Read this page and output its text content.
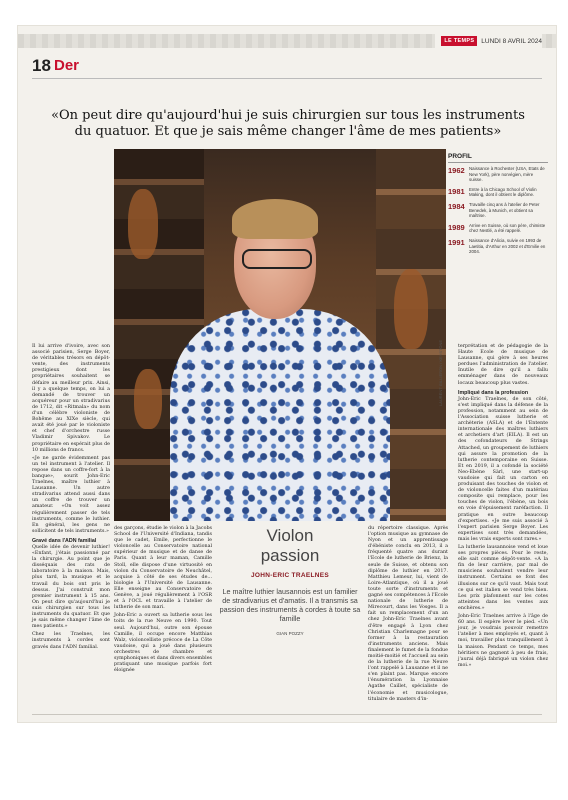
LE TEMPS	LUNDI 8 AVRIL 2024
18 Der
«On peut dire qu'aujourd'hui je suis chirurgien sur tous les instruments du quatuor. Et que je sais même changer l'âme de mes patients»
LAURENT GILLIERON / KEYSTONE
PROFIL
1962 Naissance à Rochester (USA, Etats de New York), père norvégien, mère suisse.
1981 Entre à la Chicago School of Violin Making, dont il obtient le diplôme.
1984 Travaille cinq ans à l'atelier de Peter Benedek, à Munich, et obtient sa maîtrise.
1989 Arrive en Suisse, où son père, chimiste chez Nestlé, a été rappelé.
1991 Naissance d'Alicia, suivie en 1993 de Laetitia, d'Arthur en 2002 et d'Emilie en 2004.

Il lui arrive d'ivoire, avec son associé parisien, Serge Boyer, de véritables trésors en dépôt-vente, des instruments prestigieux dont les propriétaires souhaitent se défaire au meilleur prix. Ainsi, il y a quelque temps, on lui a demandé de trouver un acquéreur pour un stradivarius de 1712, dit «Ritmala» du nom d'un célèbre violoniste de Bohême au XIXe siècle, qui avait été joué par le violoniste et chef d'orchestre russe Vladimir Spivakov. Le propriétaire en espérait plus de 10 millions de francs.

«Je ne garde évidemment pas un tel instrument à l'atelier. Il repose dans un coffre-fort à la banque», sourit John-Eric Traelnes, maître luthier à Lausanne. Un autre stradivarius attend aussi dans un coffre de trouver un amateur. «On voit assez régulièrement passer de tels instruments, comme le luthier. En général, les gens ne sollicitent de tels instruments.»

Gravé dans l'ADN familial

Quelle idée de devenir luthier! «Enfant, j'étais passionné par la chirurgie. Au point que je disséquais des rats de laboratoire à la maison. Mais, plus tard, la musique et le travail du bois ont pris le dessus. J'ai construit mon premier instrument à 15 ans. On peut dire qu'aujourd'hui je suis chirurgien sur tous les instruments du quatuor. Et que je sais même changer l'âme de mes patients.»

Chez les Traelnes, les instruments à cordes sont gravés dans l'ADN familial.

des garçons, étudie le violon à la Jacobs School de l'Université d'Indiana, tandis que le cadet, Emile, perfectionne le violoncelle au Conservatoire national supérieur de musique et de danse de Paris. Quant à leur maman, Camille Stoll, elle dispose d'une virtuosité en violon du Conservatoire de Neuchâtel, acquise à côté de ses études de... biologie à l'Université de Lausanne. Elle enseigne au Conservatoire de Genève, a joué régulièrement à l'OSR et à l'OCL et travaille à l'atelier de lutherie de son mari.

John-Eric a ouvert sa lutherie sous les toits de la rue Neuve en 1990. Tout seul. Aujourd'hui, outre son épouse Camille, il occupe encore Matthias Walz, violoncelliste précoce de La Côte vaudoise, qui a joué dans plusieurs orchestres de chambre et symphoniques et dans divers ensembles pratiquant une musique parfois fort éloignée

Violon
passion
JOHN-ERIC TRAELNES
Le maître luthier lausannois est un familier de stradivarius et d'amatis. Il a transmis sa passion des instruments à cordes à toute sa famille
GIAN POZZY

du répertoire classique. Après l'option musique au gymnase de Nyon et un apprentissage d'ébéniste conclu en 2013, il a fréquenté quatre ans durant l'Ecole de lutherie de Brienz, la seule de Suisse, et obtenu son diplôme de luthier en 2017. Matthieu Lemeur, lui, vient de Loire-Atlantique, où il a joué toute sorte d'instruments et gagné ses compétences à l'Ecole nationale de lutherie de Mirecourt, dans les Vosges. Il a fait un remplacement d'un an chez John-Eric Traelnes avant d'être engagé à Lyon chez Christian Charlemagne pour se former à la restauration d'instruments anciens. Mais finalement le fumet de la fondue moitié-moitié et l'accueil au sein de la lutherie de la rue Neuve l'ont rappelé à Lausanne et il ne s'en plaint pas. Marque encore l'énumération la Lyonnaise Agathe Caillet, spécialiste de l'économie et musicologue, titulaire de masters d'in-

terprétation et de pédagogie de la Haute Ecole de musique de Lausanne, qui gère à ses heures perdues l'administration de l'atelier. Inutile de dire qu'il a fallu emménager dans de nouveaux locaux beaucoup plus vastes.

Impliqué dans la profession

John-Eric Traelnes, de son côté, s'est impliqué dans la défense de la profession, notamment au sein de l'Association suisse lutherie et archèterie (ASLA) et de l'Entente internationale des maîtres luthiers et archetiers d'art (EILA). Il est un des cofondateurs de Strings Attached, un groupement de luthiers qui assure la promotion de la lutherie contemporaine en Suisse. Et en 2019, il a cofondé la société Neo-Ebène Sàrl, une start-up vaudoise qui fait un carton en produisant des touches de violon et de violoncelle faites d'un matériau composite qui remplace, pour les touches de violon, l'ébène, un bois en voie d'épuisement raréfaction. Il pratique en outre beaucoup d'expertises. «Je me suis associé à l'expert parisien Serge Boyer. Les expertises sont très demandées, mais les vrais experts sont rares.»

La lutherie lausannoise vend et loue ses propres pièces. Pour le reste, elle sait comme dépôt-vente. «A la fin de leur carrière, par mal de musiciens souhaitent vendre leur instrument. Certains se font des illusions sur ce qu'il vaut. Mais tout ce qui est italien se vend très bien. Les prix plafonnent sur les cotes atteintes dans les ventes aux enchères.»

John-Eric Traelnes arrive à l'âge de 60 ans. Il espère lever le pied. «Un jour, je voudrais pouvoir remettre l'atelier à mes employés et, quant à moi, travailler plus tranquillement à la maison. Pendant ce temps, mes héritiers ne gagnent à peu de frais, j'aurai déjà fabriqué un violon chez moi.»
